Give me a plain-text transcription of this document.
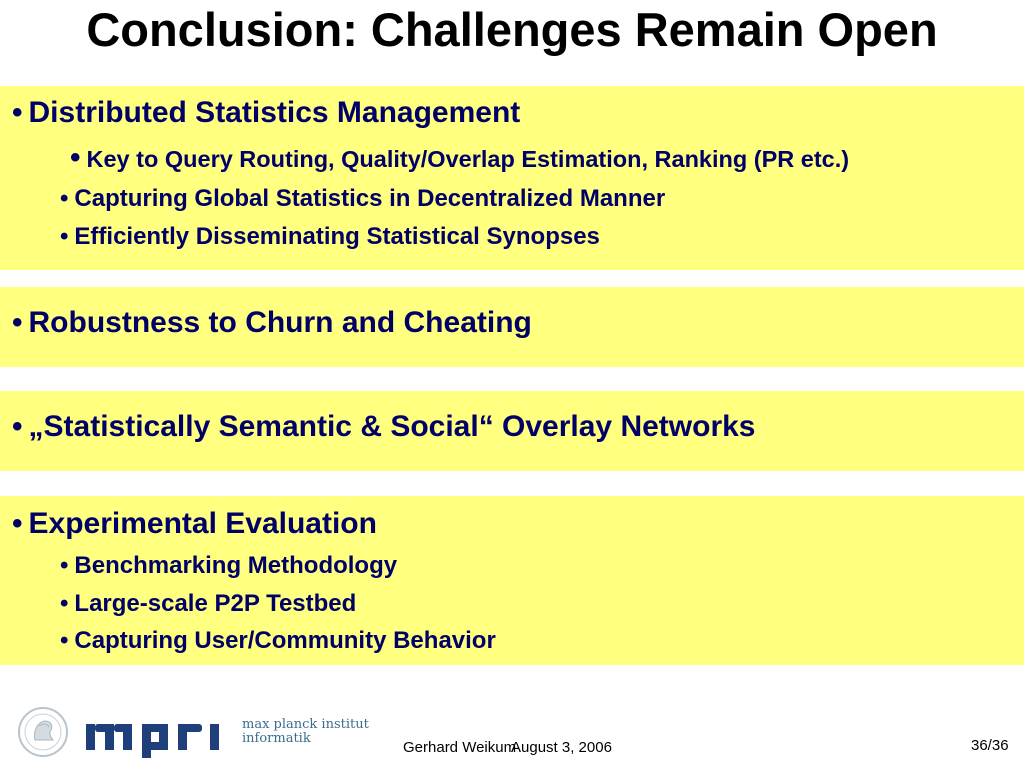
Conclusion: Challenges Remain Open
• Distributed Statistics Management
• Key to Query Routing, Quality/Overlap Estimation, Ranking (PR etc.)
• Capturing Global Statistics in Decentralized Manner
• Efficiently Disseminating Statistical Synopses
• Robustness to Churn and Cheating
• „Statistically Semantic & Social“ Overlay Networks
• Experimental Evaluation
• Benchmarking Methodology
• Large-scale P2P Testbed
• Capturing User/Community Behavior
max planck institut
informatik
Gerhard Weikum
August 3, 2006	36/36
